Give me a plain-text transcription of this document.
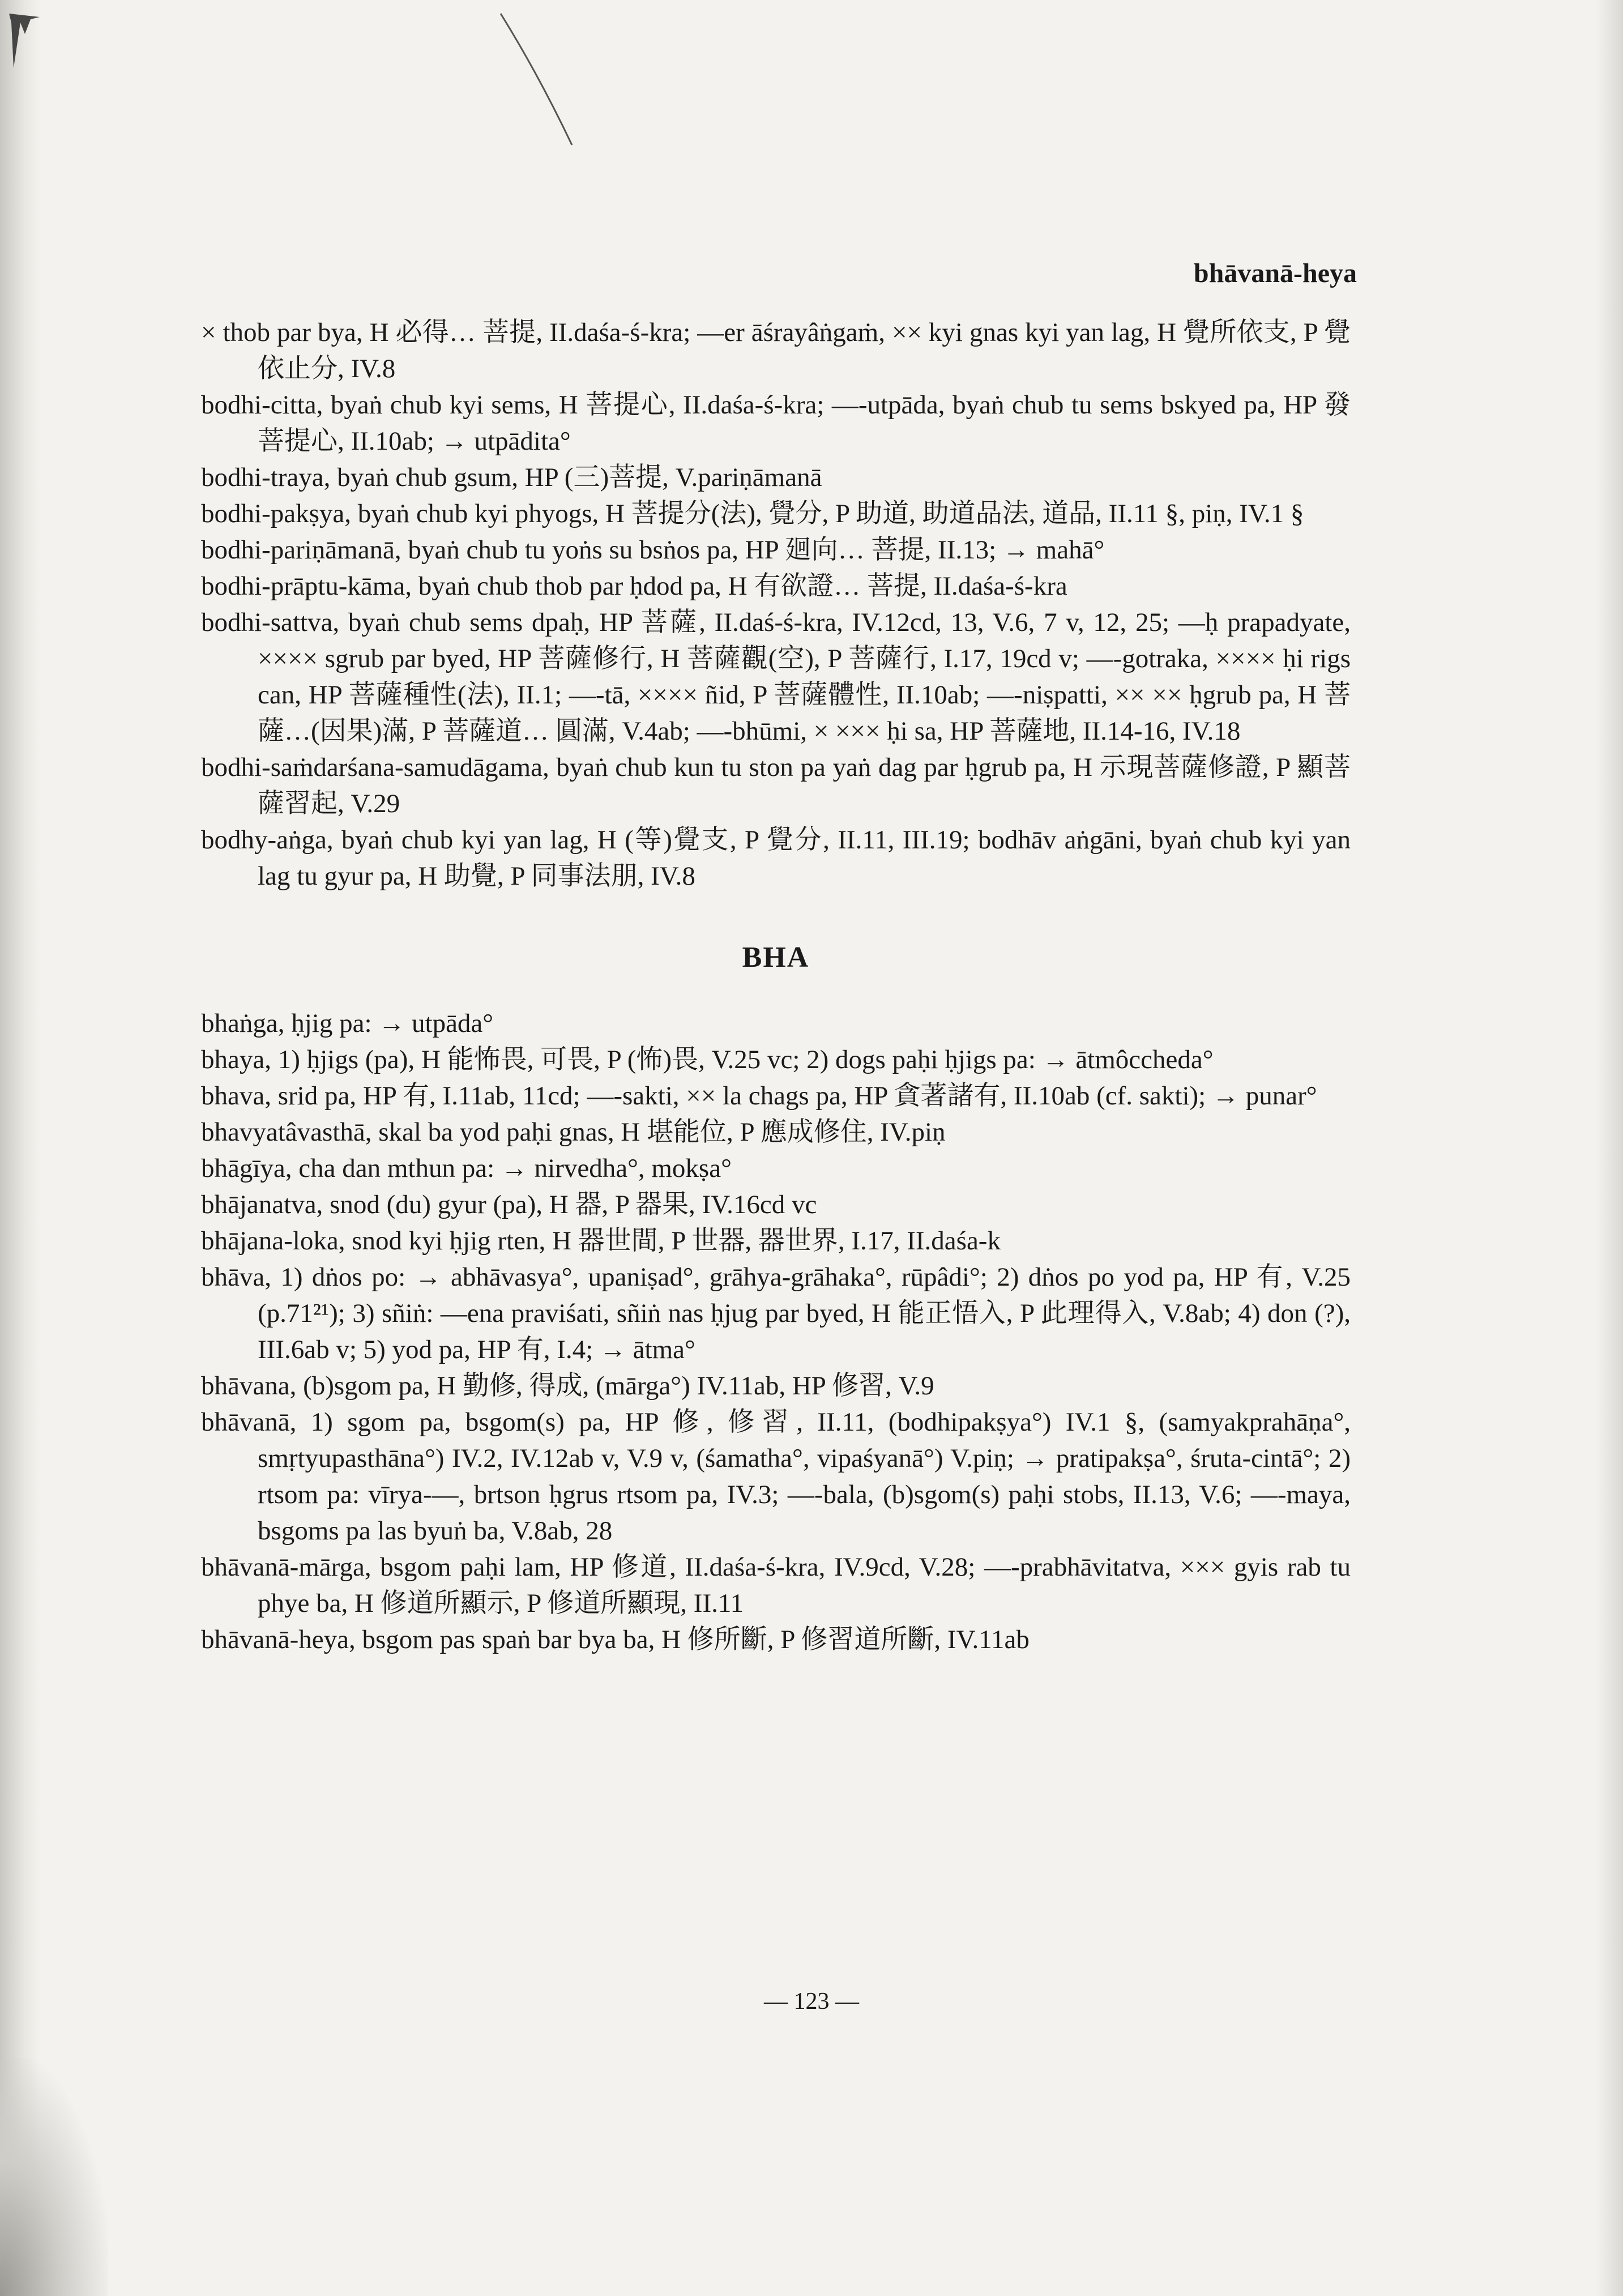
bhāvanā-heya

× thob par bya, H 必得… 菩提, II.daśa-ś-kra; —er āśrayâṅgaṁ, ×× kyi gnas kyi yan lag, H 覺所依支, P 覺依止分, IV.8

bodhi-citta, byaṅ chub kyi sems, H 菩提心, II.daśa-ś-kra; —-utpāda, byaṅ chub tu sems bskyed pa, HP 發菩提心, II.10ab; → utpādita°

bodhi-traya, byaṅ chub gsum, HP (三)菩提, V.pariṇāmanā

bodhi-pakṣya, byaṅ chub kyi phyogs, H 菩提分(法), 覺分, P 助道, 助道品法, 道品, II.11 §, piṇ, IV.1 §

bodhi-pariṇāmanā, byaṅ chub tu yoṅs su bsṅos pa, HP 廻向… 菩提, II.13; → mahā°

bodhi-prāptu-kāma, byaṅ chub thob par ḥdod pa, H 有欲證… 菩提, II.daśa-ś-kra

bodhi-sattva, byaṅ chub sems dpaḥ, HP 菩薩, II.daś-ś-kra, IV.12cd, 13, V.6, 7 v, 12, 25; —ḥ prapadyate, ×××× sgrub par byed, HP 菩薩修行, H 菩薩觀(空), P 菩薩行, I.17, 19cd v; —-gotraka, ×××× ḥi rigs can, HP 菩薩種性(法), II.1; —-tā, ×××× ñid, P 菩薩體性, II.10ab; —-niṣpatti, ×× ×× ḥgrub pa, H 菩薩…(因果)滿, P 菩薩道… 圓滿, V.4ab; —-bhūmi, × ××× ḥi sa, HP 菩薩地, II.14-16, IV.18

bodhi-saṁdarśana-samudāgama, byaṅ chub kun tu ston pa yaṅ dag par ḥgrub pa, H 示現菩薩修證, P 顯菩薩習起, V.29

bodhy-aṅga, byaṅ chub kyi yan lag, H (等)覺支, P 覺分, II.11, III.19; bodhāv aṅgāni, byaṅ chub kyi yan lag tu gyur pa, H 助覺, P 同事法朋, IV.8

BHA

bhaṅga, ḥjig pa: → utpāda°

bhaya, 1) ḥjigs (pa), H 能怖畏, 可畏, P (怖)畏, V.25 vc; 2) dogs paḥi ḥjigs pa: → ātmôccheda°

bhava, srid pa, HP 有, I.11ab, 11cd; —-sakti, ×× la chags pa, HP 貪著諸有, II.10ab (cf. sakti); → punar°

bhavyatâvasthā, skal ba yod paḥi gnas, H 堪能位, P 應成修住, IV.piṇ

bhāgīya, cha dan mthun pa: → nirvedha°, mokṣa°

bhājanatva, snod (du) gyur (pa), H 器, P 器果, IV.16cd vc

bhājana-loka, snod kyi ḥjig rten, H 器世間, P 世器, 器世界, I.17, II.daśa-k

bhāva, 1) dṅos po: → abhāvasya°, upaniṣad°, grāhya-grāhaka°, rūpâdi°; 2) dṅos po yod pa, HP 有, V.25 (p.71²¹); 3) sñiṅ: —ena praviśati, sñiṅ nas ḥjug par byed, H 能正悟入, P 此理得入, V.8ab; 4) don (?), III.6ab v; 5) yod pa, HP 有, I.4; → ātma°

bhāvana, (b)sgom pa, H 勤修, 得成, (mārga°) IV.11ab, HP 修習, V.9

bhāvanā, 1) sgom pa, bsgom(s) pa, HP 修, 修習, II.11, (bodhipakṣya°) IV.1 §, (samyakprahāṇa°, smṛtyupasthāna°) IV.2, IV.12ab v, V.9 v, (śamatha°, vipaśyanā°) V.piṇ; → pratipakṣa°, śruta-cintā°; 2) rtsom pa: vīrya-—, brtson ḥgrus rtsom pa, IV.3; —-bala, (b)sgom(s) paḥi stobs, II.13, V.6; —-maya, bsgoms pa las byuṅ ba, V.8ab, 28

bhāvanā-mārga, bsgom paḥi lam, HP 修道, II.daśa-ś-kra, IV.9cd, V.28; —-prabhāvitatva, ××× gyis rab tu phye ba, H 修道所顯示, P 修道所顯現, II.11

bhāvanā-heya, bsgom pas spaṅ bar bya ba, H 修所斷, P 修習道所斷, IV.11ab

— 123 —
